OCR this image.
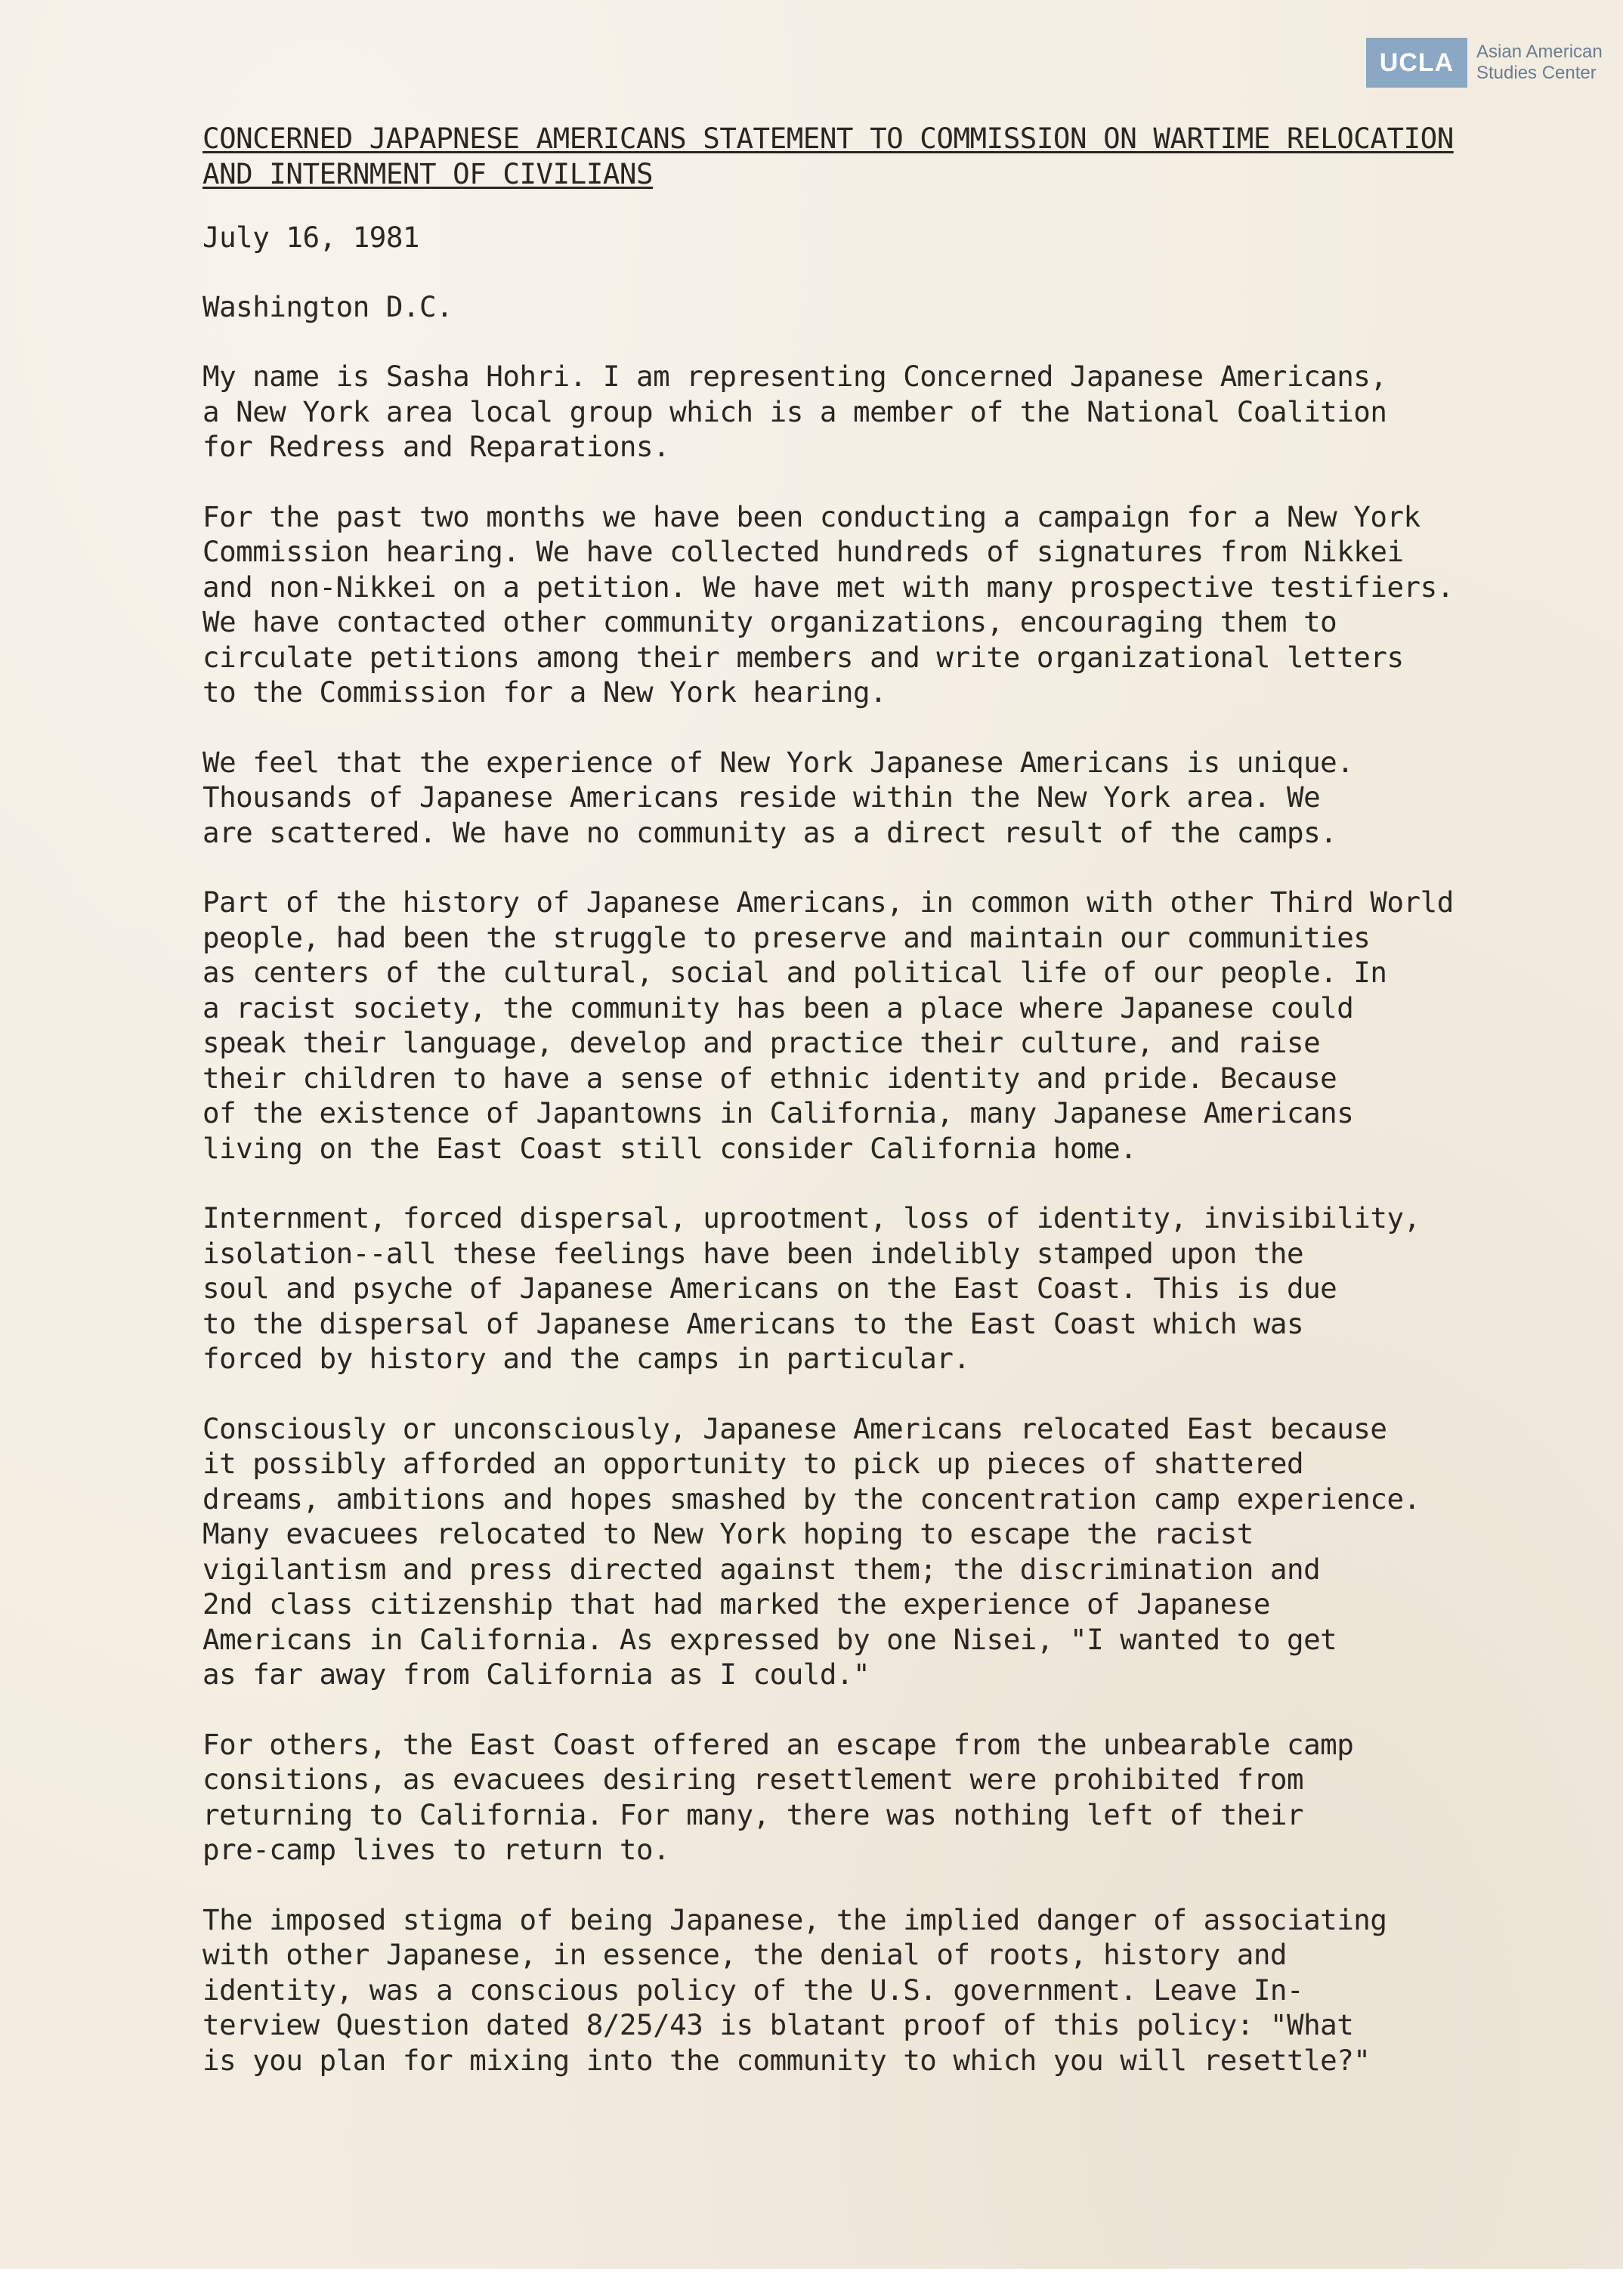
UCLA	Asian American
Studies Center
CONCERNED JAPAPNESE AMERICANS STATEMENT TO COMMISSION ON WARTIME RELOCATION
AND INTERNMENT OF CIVILIANS
July 16, 1981
Washington D.C.
My name is Sasha Hohri. I am representing Concerned Japanese Americans,
a New York area local group which is a member of the National Coalition
for Redress and Reparations.
For the past two months we have been conducting a campaign for a New York
Commission hearing. We have collected hundreds of signatures from Nikkei
and non-Nikkei on a petition. We have met with many prospective testifiers.
We have contacted other community organizations, encouraging them to
circulate petitions among their members and write organizational letters
to the Commission for a New York hearing.
We feel that the experience of New York Japanese Americans is unique.
Thousands of Japanese Americans reside within the New York area. We
are scattered. We have no community as a direct result of the camps.
Part of the history of Japanese Americans, in common with other Third World
people, had been the struggle to preserve and maintain our communities
as centers of the cultural, social and political life of our people. In
a racist society, the community has been a place where Japanese could
speak their language, develop and practice their culture, and raise
their children to have a sense of ethnic identity and pride. Because
of the existence of Japantowns in California, many Japanese Americans
living on the East Coast still consider California home.
Internment, forced dispersal, uprootment, loss of identity, invisibility,
isolation--all these feelings have been indelibly stamped upon the
soul and psyche of Japanese Americans on the East Coast. This is due
to the dispersal of Japanese Americans to the East Coast which was
forced by history and the camps in particular.
Consciously or unconsciously, Japanese Americans relocated East because
it possibly afforded an opportunity to pick up pieces of shattered
dreams, ambitions and hopes smashed by the concentration camp experience.
Many evacuees relocated to New York hoping to escape the racist
vigilantism and press directed against them; the discrimination and
2nd class citizenship that had marked the experience of Japanese
Americans in California. As expressed by one Nisei, "I wanted to get
as far away from California as I could."
For others, the East Coast offered an escape from the unbearable camp
consitions, as evacuees desiring resettlement were prohibited from
returning to California. For many, there was nothing left of their
pre-camp lives to return to.
The imposed stigma of being Japanese, the implied danger of associating
with other Japanese, in essence, the denial of roots, history and
identity, was a conscious policy of the U.S. government. Leave In-
terview Question dated 8/25/43 is blatant proof of this policy: "What
is you plan for mixing into the community to which you will resettle?"
